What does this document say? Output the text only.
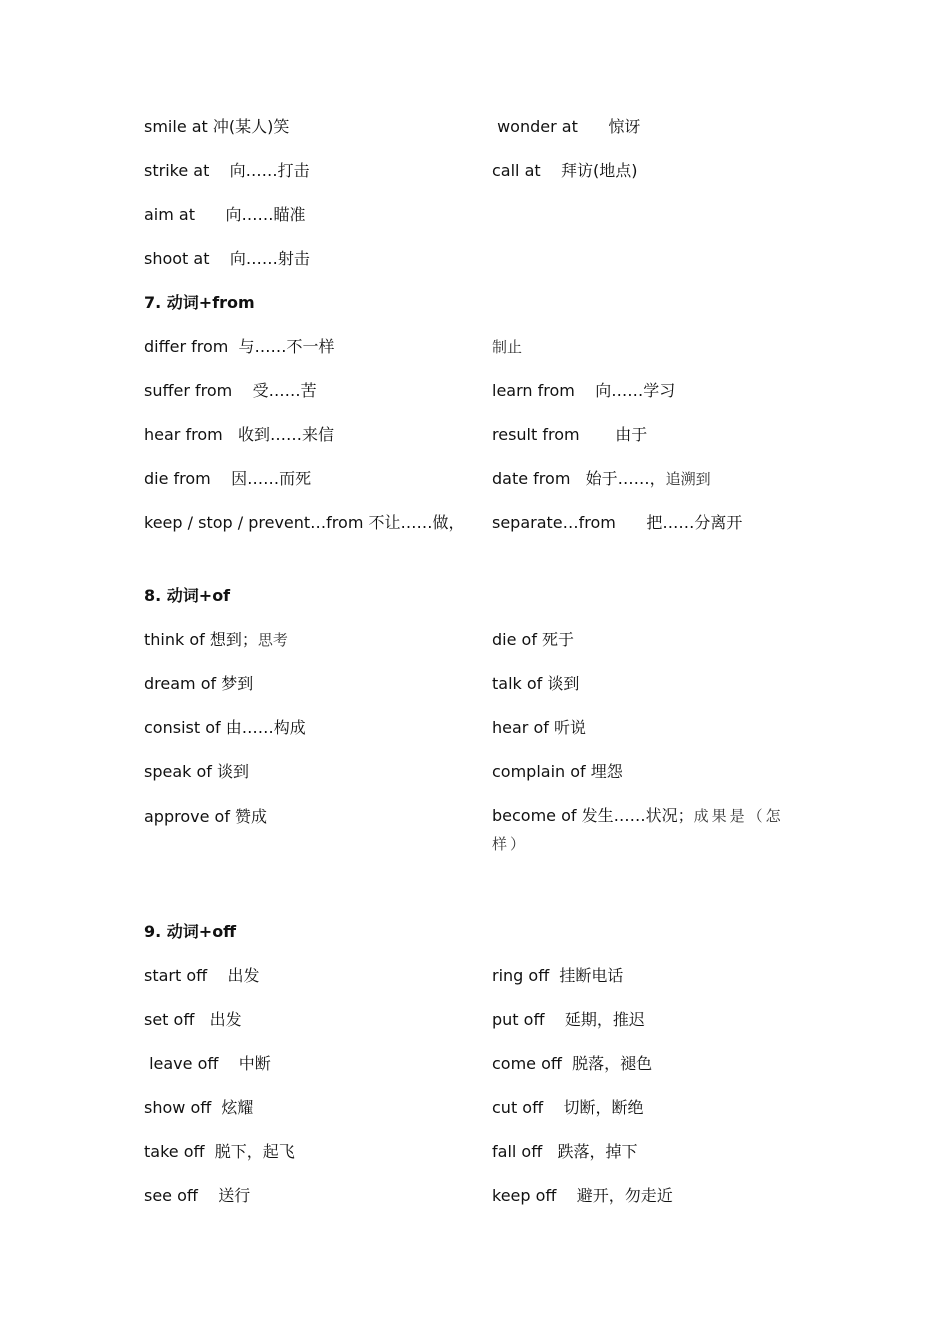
smile at 冲(某人)笑	wonder at      惊讶
strike at    向……打击	call at    拜访(地点)
aim at      向……瞄准
shoot at    向……射击
7. 动词+from
differ from  与……不一样	制止
suffer from    受……苦	learn from    向……学习
hear from   收到……来信	result from       由于
die from    因……而死	date from   始于……，追溯到
keep / stop / prevent…from 不让……做， separate…from      把……分离开
8. 动词+of
think of 想到；思考	die of 死于
dream of 梦到	talk of 谈到
consist of 由……构成	hear of 听说
speak of 谈到	complain of 埋怨
approve of 赞成	become of 发生……状况；成果是（怎样）
9. 动词+off
start off    出发	ring off  挂断电话
set off   出发	put off    延期，推迟
leave off    中断	come off  脱落，褪色
show off  炫耀	cut off    切断，断绝
take off  脱下，起飞	fall off   跌落，掉下
see off    送行	keep off    避开，勿走近
